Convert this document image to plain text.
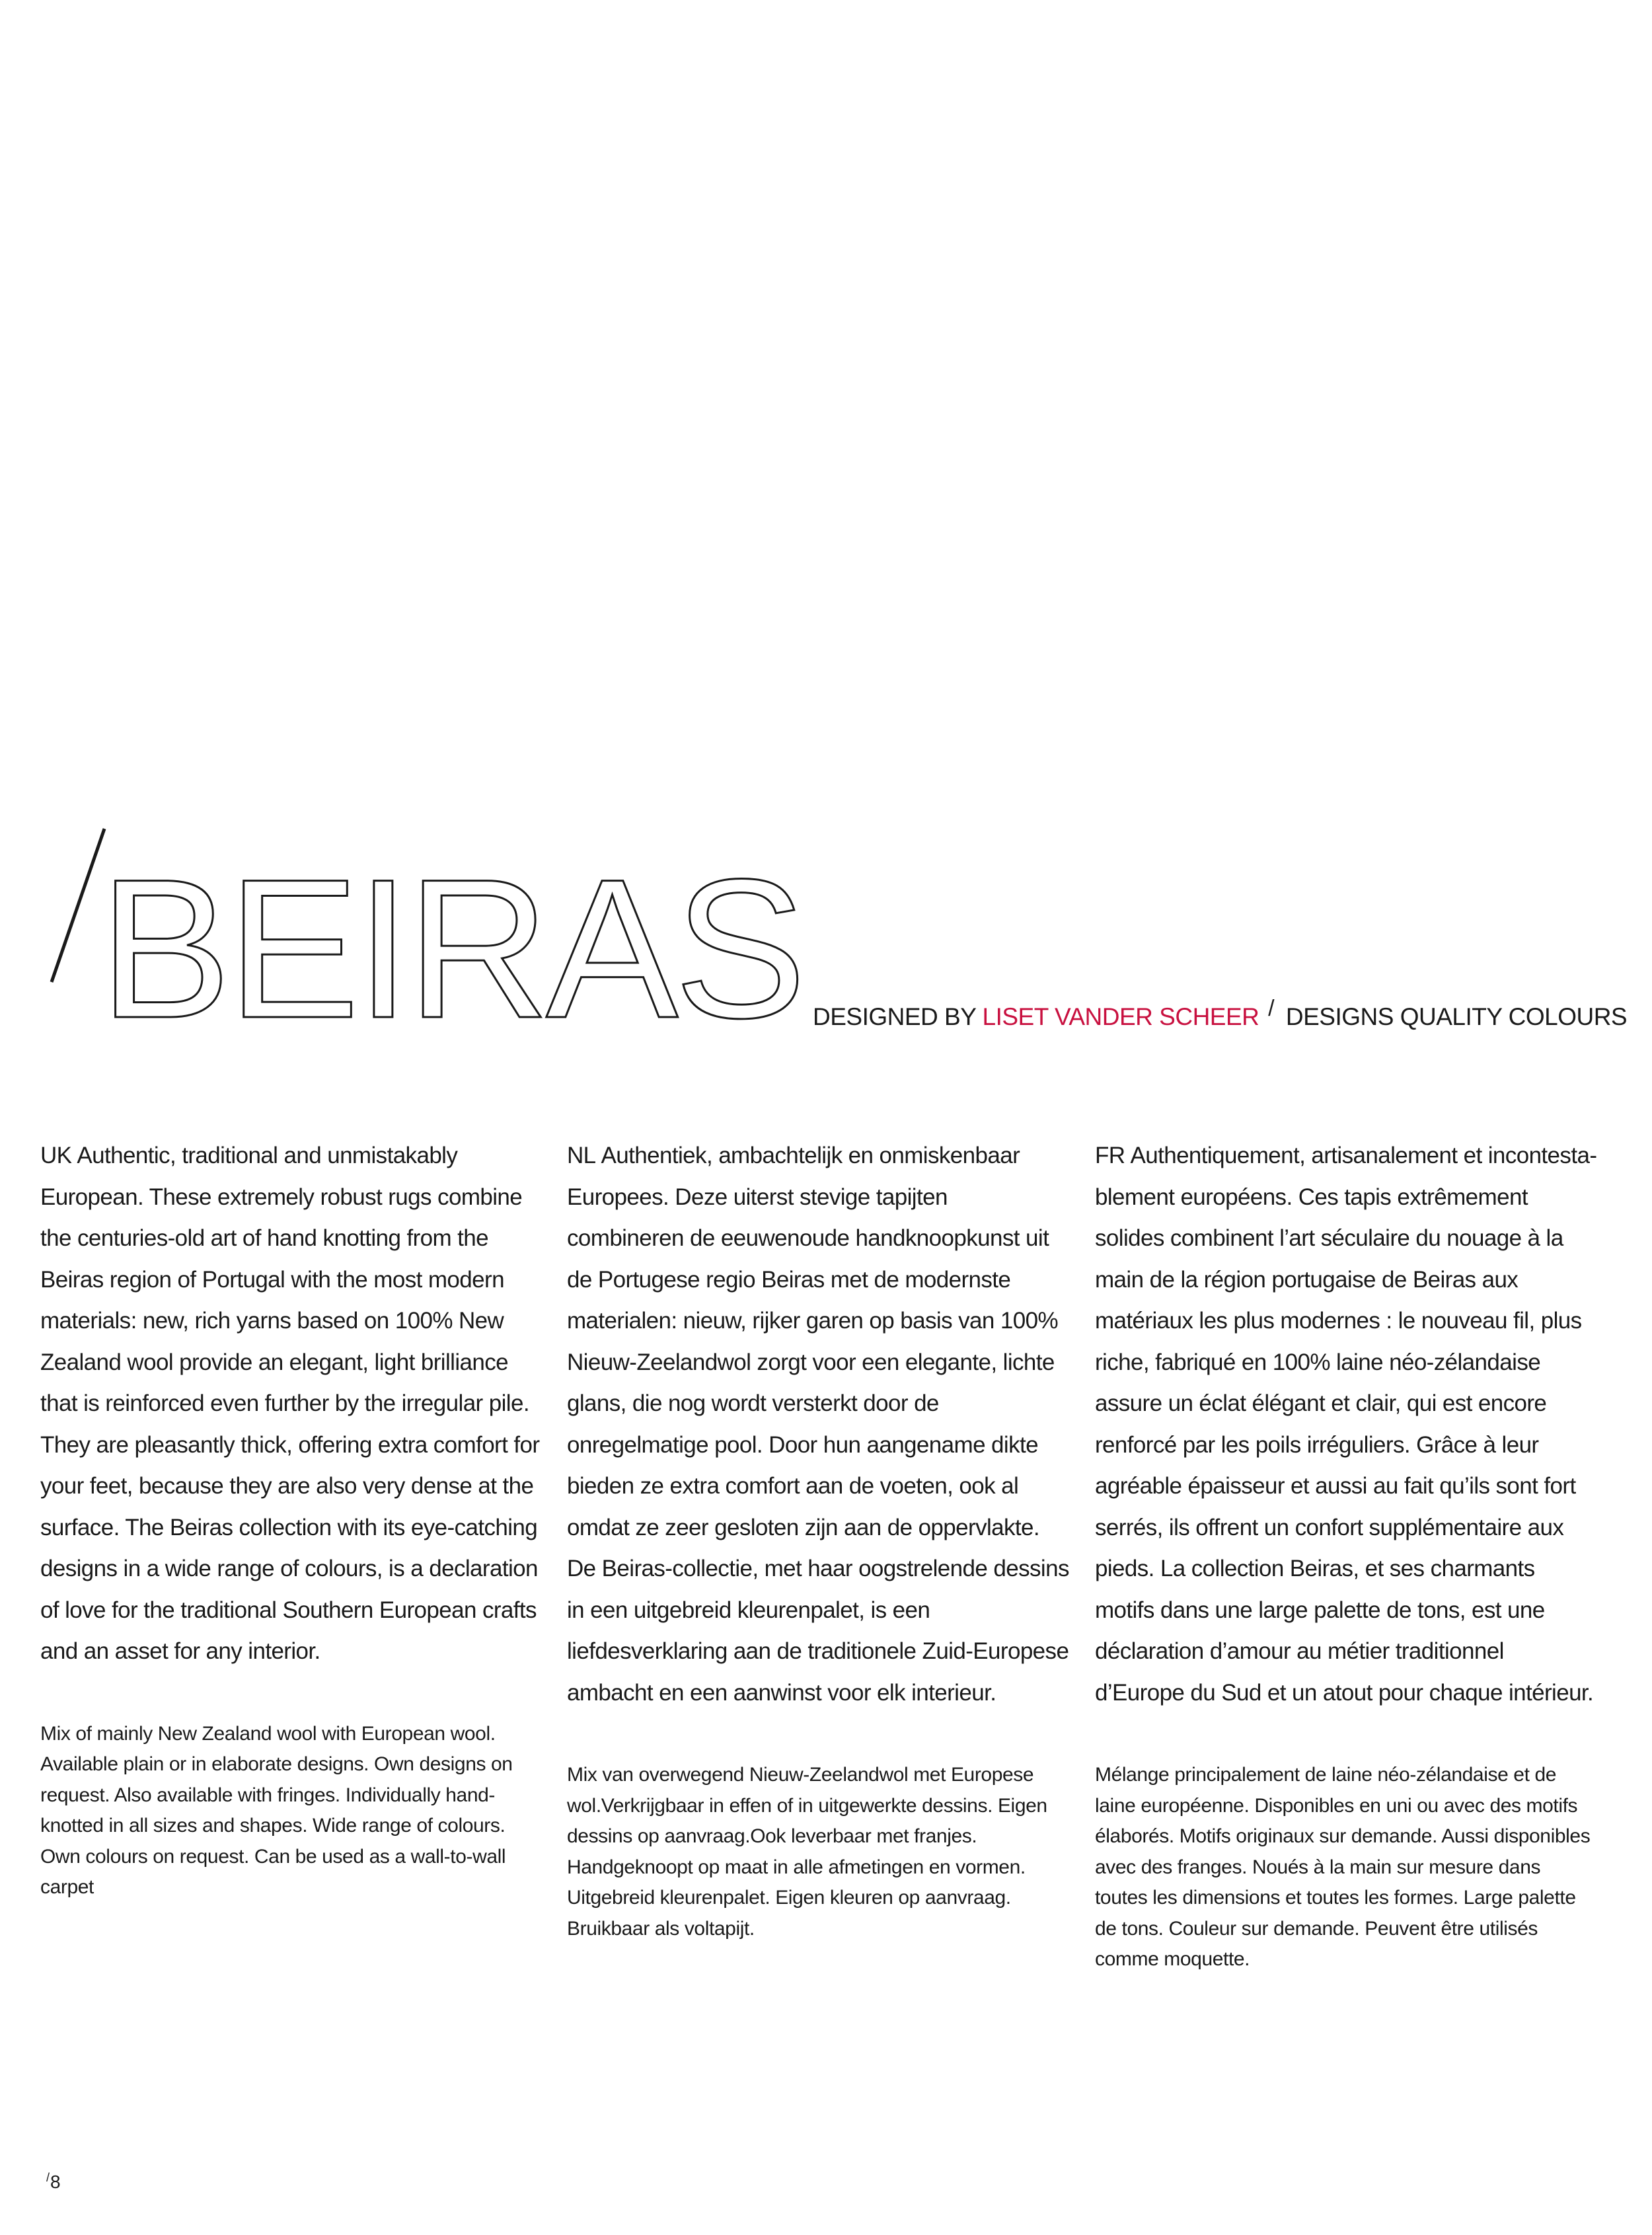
BEIRAS DESIGNED BY LISET VANDER SCHEER / DESIGNS QUALITY COLOURS

UK Authentic, traditional and unmistakably European. These extremely robust rugs combine the centuries-old art of hand knotting from the Beiras region of Portugal with the most modern materials: new, rich yarns based on 100% New Zealand wool provide an elegant, light brilliance that is reinforced even further by the irregular pile. They are pleasantly thick, offering extra comfort for your feet, because they are also very dense at the surface. The Beiras collection with its eye-catching designs in a wide range of colours, is a declaration of love for the traditional Southern European crafts and an asset for any interior.

Mix of mainly New Zealand wool with European wool. Available plain or in elaborate designs. Own designs on request. Also available with fringes. Individually hand-knotted in all sizes and shapes. Wide range of colours. Own colours on request. Can be used as a wall-to-wall carpet

NL Authentiek, ambachtelijk en onmiskenbaar Europees. Deze uiterst stevige tapijten combineren de eeuwenoude handknoopkunst uit de Portugese regio Beiras met de modernste materialen: nieuw, rijker garen op basis van 100% Nieuw-Zeelandwol zorgt voor een elegante, lichte glans, die nog wordt versterkt door de onregelmatige pool. Door hun aangename dikte bieden ze extra comfort aan de voeten, ook al omdat ze zeer gesloten zijn aan de oppervlakte. De Beiras-collectie, met haar oogstrelende dessins in een uitgebreid kleurenpalet, is een liefdesverklaring aan de traditionele Zuid-Europese ambacht en een aanwinst voor elk interieur.

Mix van overwegend Nieuw-Zeelandwol met Europese wol.Verkrijgbaar in effen of in uitgewerkte dessins. Eigen dessins op aanvraag.Ook leverbaar met franjes. Handgeknoopt op maat in alle afmetingen en vormen. Uitgebreid kleurenpalet. Eigen kleuren op aanvraag. Bruikbaar als voltapijt.

FR Authentiquement, artisanalement et incontestablement européens. Ces tapis extrêmement solides combinent l’art séculaire du nouage à la main de la région portugaise de Beiras aux matériaux les plus modernes : le nouveau fil, plus riche, fabriqué en 100% laine néo-zélandaise assure un éclat élégant et clair, qui est encore renforcé par les poils irréguliers. Grâce à leur agréable épaisseur et aussi au fait qu’ils sont fort serrés, ils offrent un confort supplémentaire aux pieds. La collection Beiras, et ses charmants motifs dans une large palette de tons, est une déclaration d’amour au métier traditionnel d’Europe du Sud et un atout pour chaque intérieur.

Mélange principalement de laine néo-zélandaise et de laine européenne. Disponibles en uni ou avec des motifs élaborés. Motifs originaux sur demande. Aussi disponibles avec des franges. Noués à la main sur mesure dans toutes les dimensions et toutes les formes. Large palette de tons. Couleur sur demande. Peuvent être utilisés comme moquette.

/8
